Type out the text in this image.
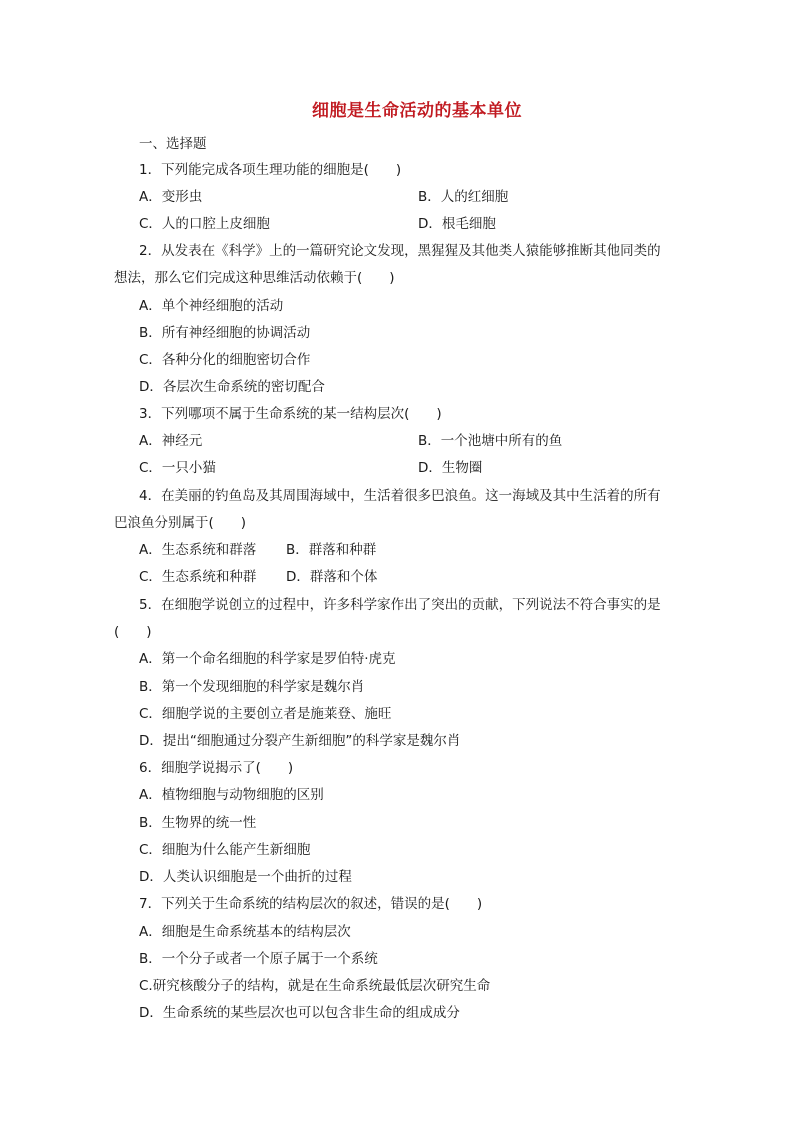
细胞是生命活动的基本单位
一、选择题
1．下列能完成各项生理功能的细胞是(　　)
A．变形虫	B．人的红细胞
C．人的口腔上皮细胞	D．根毛细胞
2．从发表在《科学》上的一篇研究论文发现，黑猩猩及其他类人猿能够推断其他同类的
想法，那么它们完成这种思维活动依赖于(　　)
A．单个神经细胞的活动
B．所有神经细胞的协调活动
C．各种分化的细胞密切合作
D．各层次生命系统的密切配合
3．下列哪项不属于生命系统的某一结构层次(　　)
A．神经元	B．一个池塘中所有的鱼
C．一只小猫	D．生物圈
4．在美丽的钓鱼岛及其周围海域中，生活着很多巴浪鱼。这一海域及其中生活着的所有
巴浪鱼分别属于(　　)
A．生态系统和群落 B．群落和种群
C．生态系统和种群 D．群落和个体
5．在细胞学说创立的过程中，许多科学家作出了突出的贡献，下列说法不符合事实的是
(　　)
A．第一个命名细胞的科学家是罗伯特·虎克
B．第一个发现细胞的科学家是魏尔肖
C．细胞学说的主要创立者是施莱登、施旺
D．提出“细胞通过分裂产生新细胞”的科学家是魏尔肖
6．细胞学说揭示了(　　)
A．植物细胞与动物细胞的区别
B．生物界的统一性
C．细胞为什么能产生新细胞
D．人类认识细胞是一个曲折的过程
7．下列关于生命系统的结构层次的叙述，错误的是(　　)
A．细胞是生命系统基本的结构层次
B．一个分子或者一个原子属于一个系统
C.研究核酸分子的结构，就是在生命系统最低层次研究生命
D．生命系统的某些层次也可以包含非生命的组成成分
